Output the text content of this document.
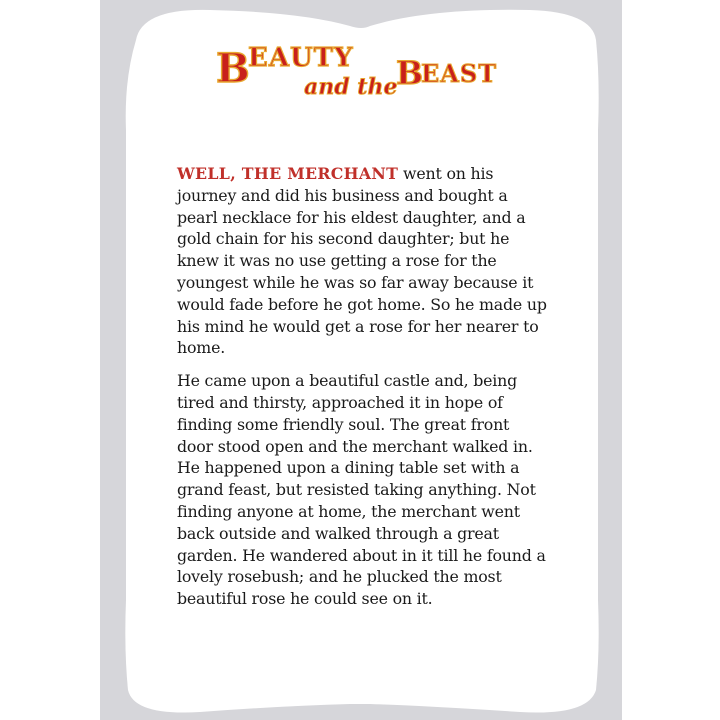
B
EAUTY
and the
B
EAST

WELL, THE MERCHANT went on his journey and did his business and bought a pearl necklace for his eldest daughter, and a gold chain for his second daughter; but he knew it was no use getting a rose for the youngest while he was so far away because it would fade before he got home. So he made up his mind he would get a rose for her nearer to home.

He came upon a beautiful castle and, being tired and thirsty, approached it in hope of finding some friendly soul. The great front door stood open and the merchant walked in. He happened upon a dining table set with a grand feast, but resisted taking anything. Not finding anyone at home, the merchant went back outside and walked through a great garden. He wandered about in it till he found a lovely rosebush; and he plucked the most beautiful rose he could see on it.
